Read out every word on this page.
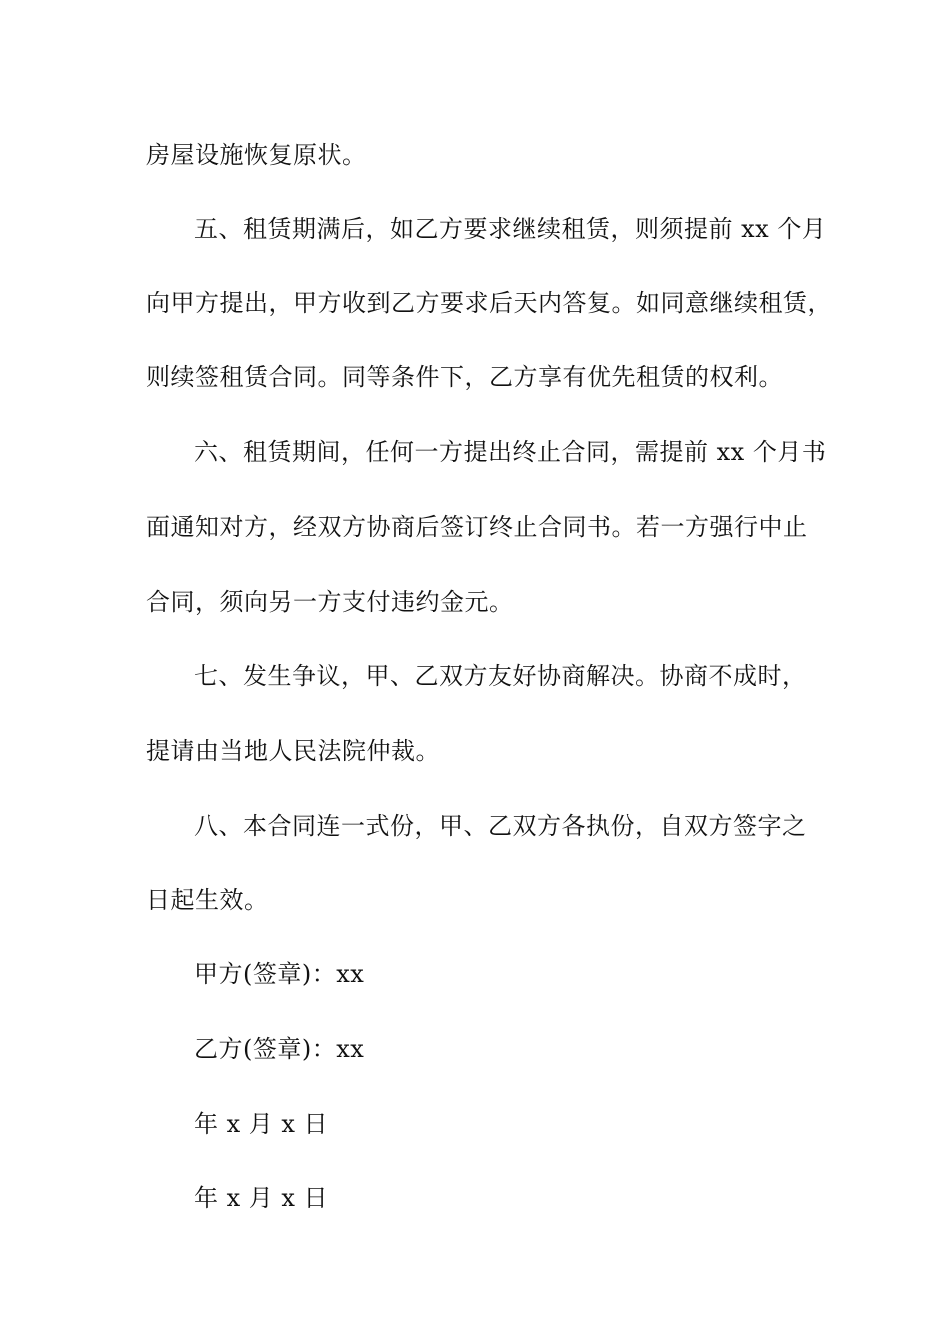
房屋设施恢复原状。
五、租赁期满后，如乙方要求继续租赁，则须提前 xx 个月
向甲方提出，甲方收到乙方要求后天内答复。如同意继续租赁，
则续签租赁合同。同等条件下，乙方享有优先租赁的权利。
六、租赁期间，任何一方提出终止合同，需提前 xx 个月书
面通知对方，经双方协商后签订终止合同书。若一方强行中止
合同，须向另一方支付违约金元。
七、发生争议，甲、乙双方友好协商解决。协商不成时，
提请由当地人民法院仲裁。
八、本合同连一式份，甲、乙双方各执份，自双方签字之
日起生效。
甲方(签章)：xx
乙方(签章)：xx
年 x 月 x 日
年 x 月 x 日
